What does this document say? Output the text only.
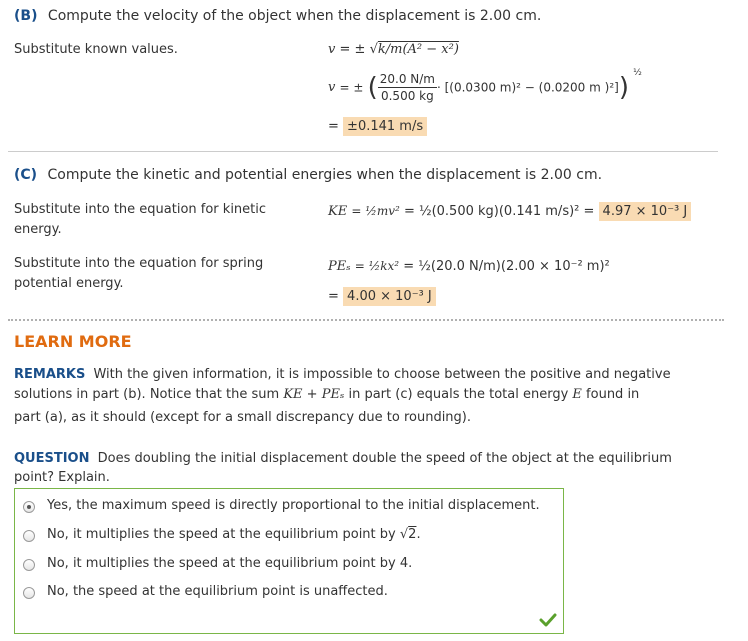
(B) Compute the velocity of the object when the displacement is 2.00 cm.
Substitute known values.	v = ± √k/m(A² − x²)
v = ± ( $\frac{20.0 N/m}{0.500 kg} \cdot [(0.0300$ m)² − (0.0200 m )²]) $^{\frac{1}{2}}$
= ±0.141 m/s
(C) Compute the kinetic and potential energies when the displacement is 2.00 cm.
Substitute into the equation for kinetic
energy.
KE = ½mv² = ½(0.500 kg)(0.141 m/s)² = 4.97 × 10⁻³ J
Substitute into the equation for spring
potential energy.
PEₛ = ½kx² = ½(20.0 N/m)(2.00 × 10⁻² m)²
= 4.00 × 10⁻³ J
LEARN MORE
REMARKS With the given information, it is impossible to choose between the positive and negative
solutions in part (b). Notice that the sum KE + PEₛ in part (c) equals the total energy E found in
part (a), as it should (except for a small discrepancy due to rounding).
QUESTION Does doubling the initial displacement double the speed of the object at the equilibrium
point? Explain.
Yes, the maximum speed is directly proportional to the initial displacement.
No, it multiplies the speed at the equilibrium point by √2.
No, it multiplies the speed at the equilibrium point by 4.
No, the speed at the equilibrium point is unaffected.
